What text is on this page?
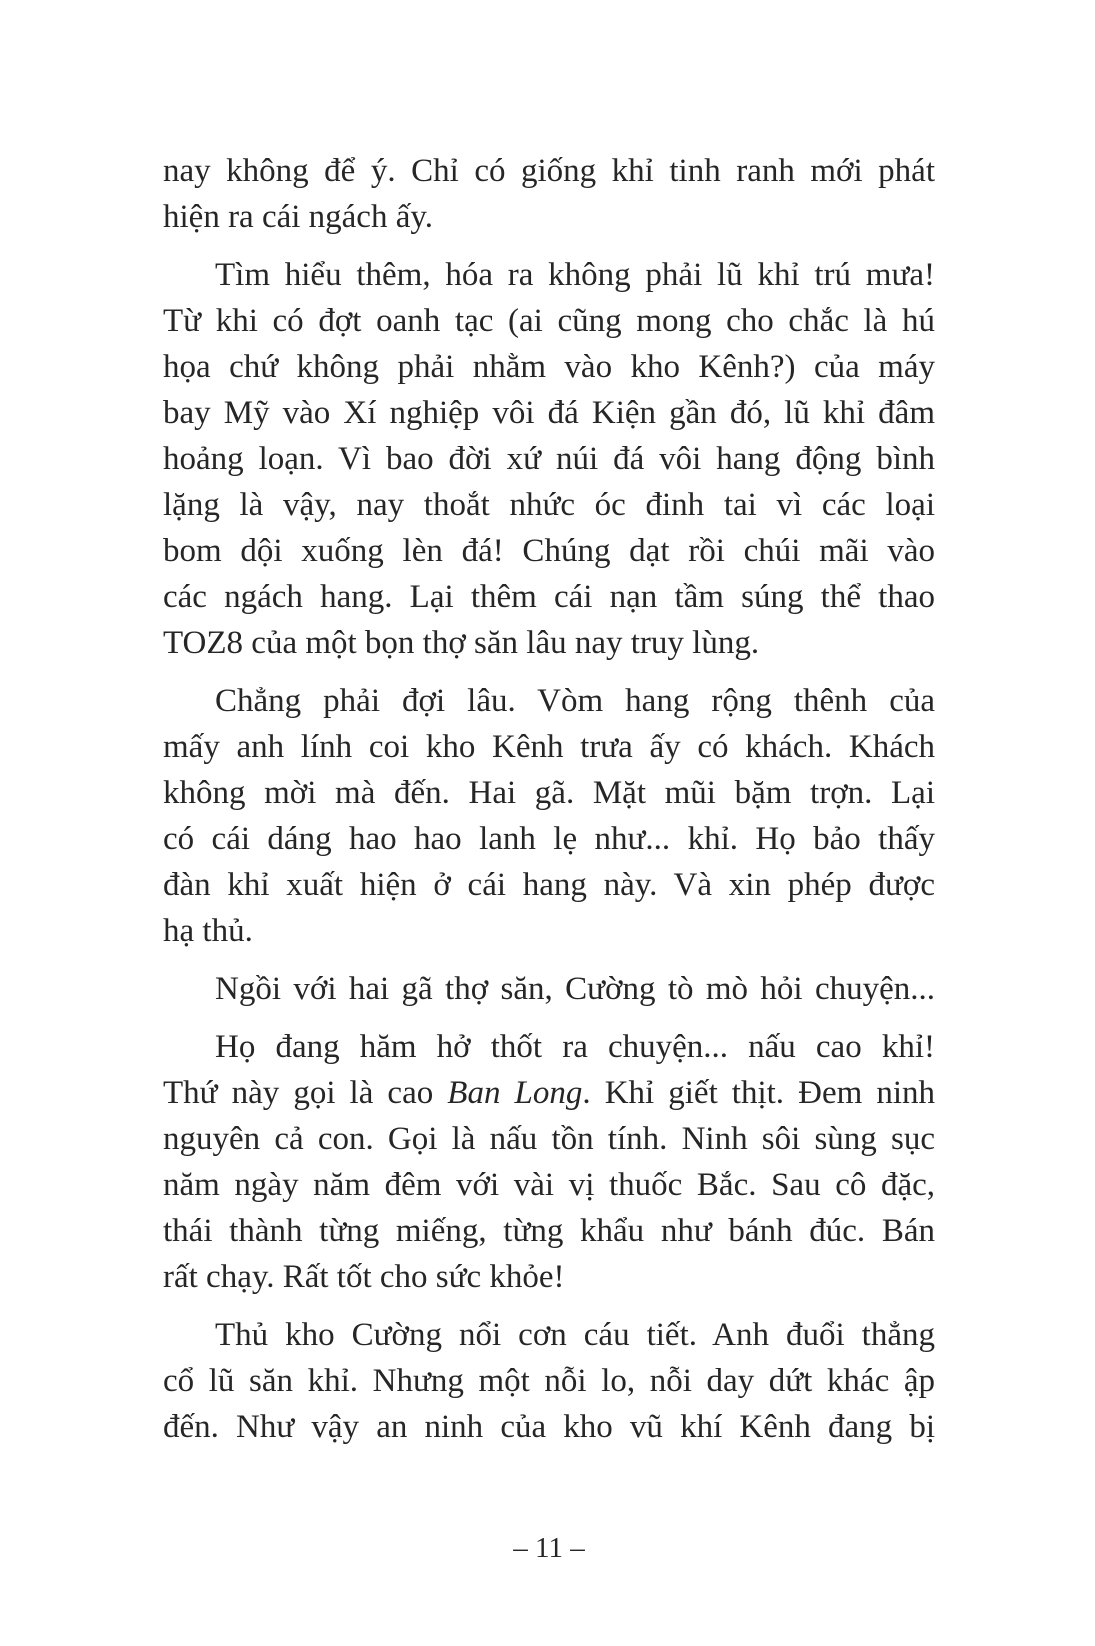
nay không để ý. Chỉ có giống khỉ tinh ranh mới phát
hiện ra cái ngách ấy.

Tìm hiểu thêm, hóa ra không phải lũ khỉ trú mưa!
Từ khi có đợt oanh tạc (ai cũng mong cho chắc là hú
họa chứ không phải nhằm vào kho Kênh?) của máy
bay Mỹ vào Xí nghiệp vôi đá Kiện gần đó, lũ khỉ đâm
hoảng loạn. Vì bao đời xứ núi đá vôi hang động bình
lặng là vậy, nay thoắt nhức óc đinh tai vì các loại
bom dội xuống lèn đá! Chúng dạt rồi chúi mãi vào
các ngách hang. Lại thêm cái nạn tầm súng thể thao
TOZ8 của một bọn thợ săn lâu nay truy lùng.

Chẳng phải đợi lâu. Vòm hang rộng thênh của
mấy anh lính coi kho Kênh trưa ấy có khách. Khách
không mời mà đến. Hai gã. Mặt mũi bặm trợn. Lại
có cái dáng hao hao lanh lẹ như... khỉ. Họ bảo thấy
đàn khỉ xuất hiện ở cái hang này. Và xin phép được
hạ thủ.

Ngồi với hai gã thợ săn, Cường tò mò hỏi chuyện...

Họ đang hăm hở thốt ra chuyện... nấu cao khỉ!
Thứ này gọi là cao Ban Long. Khỉ giết thịt. Đem ninh
nguyên cả con. Gọi là nấu tồn tính. Ninh sôi sùng sục
năm ngày năm đêm với vài vị thuốc Bắc. Sau cô đặc,
thái thành từng miếng, từng khẩu như bánh đúc. Bán
rất chạy. Rất tốt cho sức khỏe!

Thủ kho Cường nổi cơn cáu tiết. Anh đuổi thẳng
cổ lũ săn khỉ. Nhưng một nỗi lo, nỗi day dứt khác ập
đến. Như vậy an ninh của kho vũ khí Kênh đang bị

– 11 –
